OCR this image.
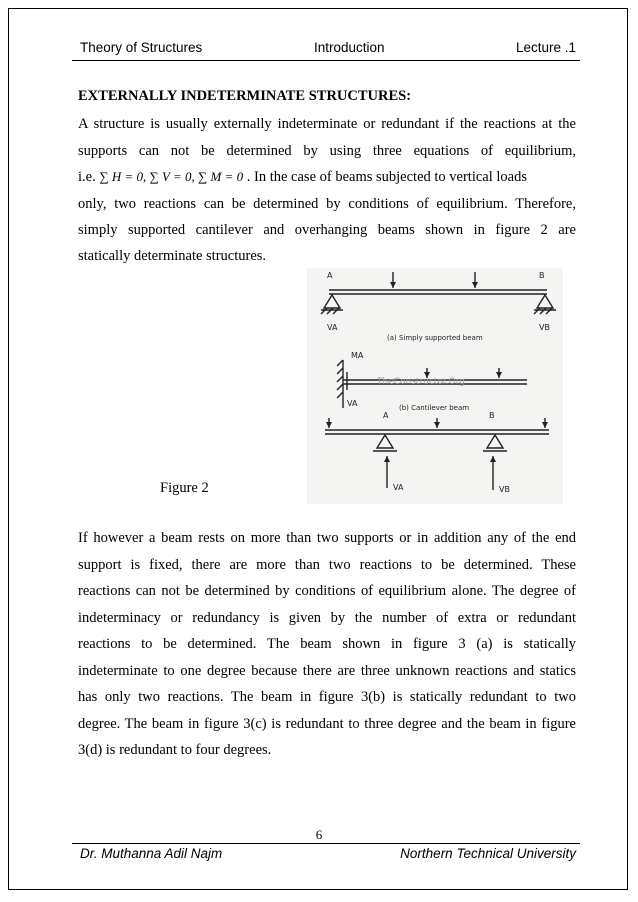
Theory of Structures	Introduction	Lecture .1
EXTERNALLY INDETERMINATE STRUCTURES:
A structure is usually externally indeterminate or redundant if the reactions at the
supports can not be determined by using three equations of equilibrium,
i.e. ∑ H = 0, ∑ V = 0, ∑ M = 0 . In the case of beams subjected to vertical loads
only, two reactions can be determined by conditions of equilibrium. Therefore,
simply supported cantilever and overhanging beams shown in figure 2 are
statically determinate structures.
A	B
VA	VB
(a) Simply supported beam
MA
TheConstructor.Org
VA	(b) Cantilever beam
A	B
VA	VB
Figure 2
If however a beam rests on more than two supports or in addition any of the end
support is fixed, there are more than two reactions to be determined. These
reactions can not be determined by conditions of equilibrium alone. The degree of
indeterminacy or redundancy is given by the number of extra or redundant
reactions to be determined. The beam shown in figure 3 (a) is statically
indeterminate to one degree because there are three unknown reactions and statics
has only two reactions. The beam in figure 3(b) is statically redundant to two
degree. The beam in figure 3(c) is redundant to three degree and the beam in figure
3(d) is redundant to four degrees.
6
Dr. Muthanna Adil Najm	Northern Technical University
